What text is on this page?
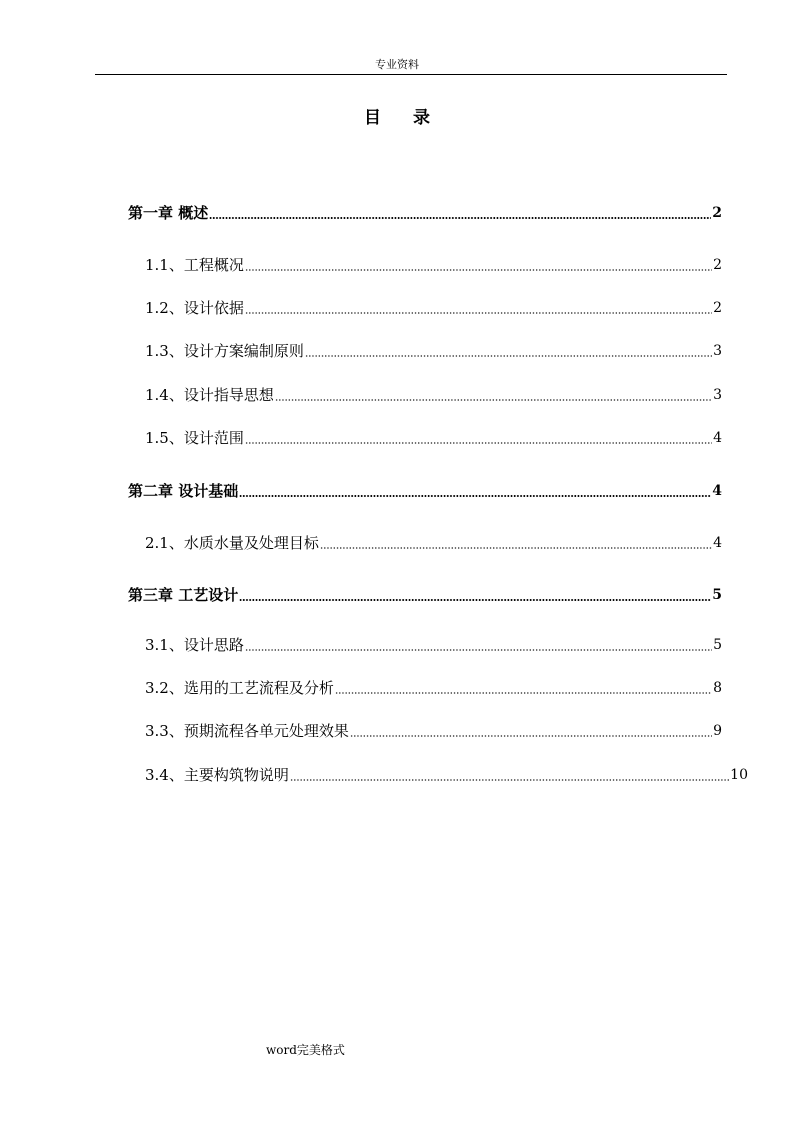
专业资料
目录
第一章 概述	2
1.1、工程概况	2
1.2、设计依据	2
1.3、设计方案编制原则	3
1.4、设计指导思想	3
1.5、设计范围	4
第二章 设计基础	4
2.1、水质水量及处理目标	4
第三章 工艺设计	5
3.1、设计思路	5
3.2、选用的工艺流程及分析	8
3.3、预期流程各单元处理效果	9
3.4、主要构筑物说明	10
word完美格式
